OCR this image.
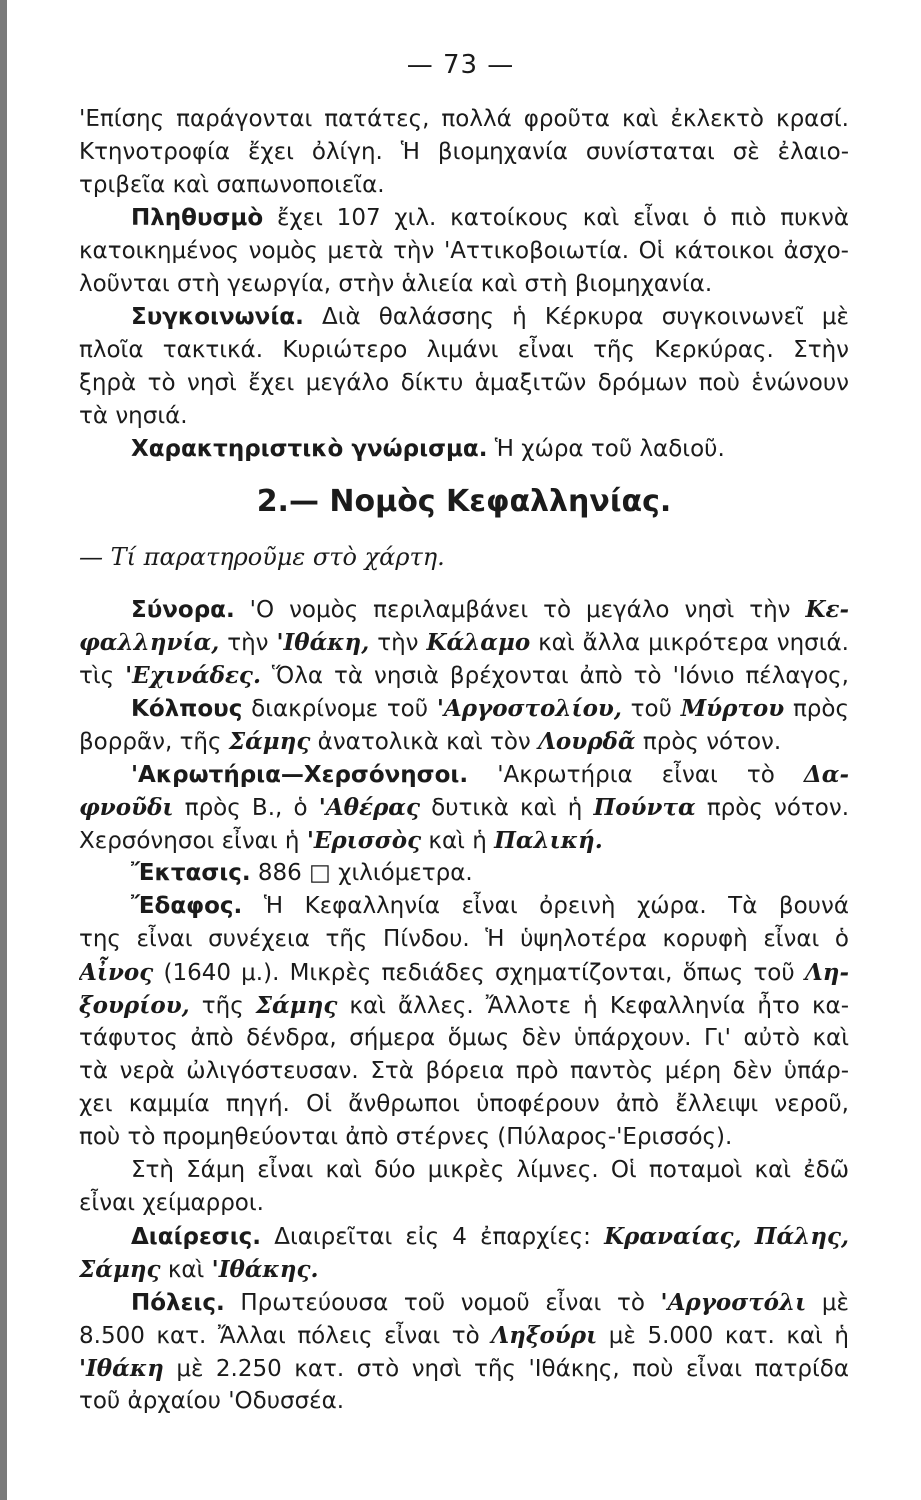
— 73 —
'Επίσης παράγονται πατάτες, πολλά φροῦτα καὶ ἐκλεκτὸ κρασί.
Κτηνοτροφία ἔχει ὀλίγη. Ἡ βιομηχανία συνίσταται σὲ ἐλαιο-
τριβεῖα καὶ σαπωνοποιεῖα.
Πληθυσμὸ ἔχει 107 χιλ. κατοίκους καὶ εἶναι ὁ πιὸ πυκνὰ
κατοικημένος νομὸς μετὰ τὴν 'Αττικοβοιωτία. Οἱ κάτοικοι ἀσχο-
λοῦνται στὴ γεωργία, στὴν ἁλιεία καὶ στὴ βιομηχανία.
Συγκοινωνία. Διὰ θαλάσσης ἡ Κέρκυρα συγκοινωνεῖ μὲ
πλοῖα τακτικά. Κυριώτερο λιμάνι εἶναι τῆς Κερκύρας. Στὴν
ξηρὰ τὸ νησὶ ἔχει μεγάλο δίκτυ ἁμαξιτῶν δρόμων ποὺ ἑνώνουν
τὰ νησιά.
Χαρακτηριστικὸ γνώρισμα. Ἡ χώρα τοῦ λαδιοῦ.
2.— Νομὸς Κεφαλληνίας.
— Τί παρατηροῦμε στὸ χάρτη.
Σύνορα. 'Ο νομὸς περιλαμβάνει τὸ μεγάλο νησὶ τὴν Κε-
φαλληνία, τὴν 'Ιθάκη, τὴν Κάλαμο καὶ ἄλλα μικρότερα νησιά.
τὶς 'Εχινάδες. Ὅλα τὰ νησιὰ βρέχονται ἀπὸ τὸ 'Ιόνιο πέλαγος,
Κόλπους διακρίνομε τοῦ 'Αργοστολίου, τοῦ Μύρτου πρὸς
βορρᾶν, τῆς Σάμης ἀνατολικὰ καὶ τὸν Λουρδᾶ πρὸς νότον.
'Ακρωτήρια—Χερσόνησοι. 'Ακρωτήρια εἶναι τὸ Δα-
φνοῦδι πρὸς Β., ὁ 'Αθέρας δυτικὰ καὶ ἡ Πούντα πρὸς νότον.
Χερσόνησοι εἶναι ἡ 'Ερισσὸς καὶ ἡ Παλική.
Ἔκτασις. 886 □ χιλιόμετρα.
Ἔδαφος. Ἡ Κεφαλληνία εἶναι ὀρεινὴ χώρα. Τὰ βουνά
της εἶναι συνέχεια τῆς Πίνδου. Ἡ ὑψηλοτέρα κορυφὴ εἶναι ὁ
Αἶνος (1640 μ.). Μικρὲς πεδιάδες σχηματίζονται, ὅπως τοῦ Λη-
ξουρίου, τῆς Σάμης καὶ ἄλλες. Ἄλλοτε ἡ Κεφαλληνία ἦτο κα-
τάφυτος ἀπὸ δένδρα, σήμερα ὅμως δὲν ὑπάρχουν. Γι' αὐτὸ καὶ
τὰ νερὰ ὠλιγόστευσαν. Στὰ βόρεια πρὸ παντὸς μέρη δὲν ὑπάρ-
χει καμμία πηγή. Οἱ ἄνθρωποι ὑποφέρουν ἀπὸ ἔλλειψι νεροῦ,
ποὺ τὸ προμηθεύονται ἀπὸ στέρνες (Πύλαρος-'Ερισσός).
Στὴ Σάμη εἶναι καὶ δύο μικρὲς λίμνες. Οἱ ποταμοὶ καὶ ἐδῶ
εἶναι χείμαρροι.
Διαίρεσις. Διαιρεῖται εἰς 4 ἐπαρχίες: Κραναίας, Πάλης,
Σάμης καὶ 'Ιθάκης.
Πόλεις. Πρωτεύουσα τοῦ νομοῦ εἶναι τὸ 'Αργοστόλι μὲ
8.500 κατ. Ἄλλαι πόλεις εἶναι τὸ Ληξούρι μὲ 5.000 κατ. καὶ ἡ
'Ιθάκη μὲ 2.250 κατ. στὸ νησὶ τῆς 'Ιθάκης, ποὺ εἶναι πατρίδα
τοῦ ἀρχαίου 'Οδυσσέα.
